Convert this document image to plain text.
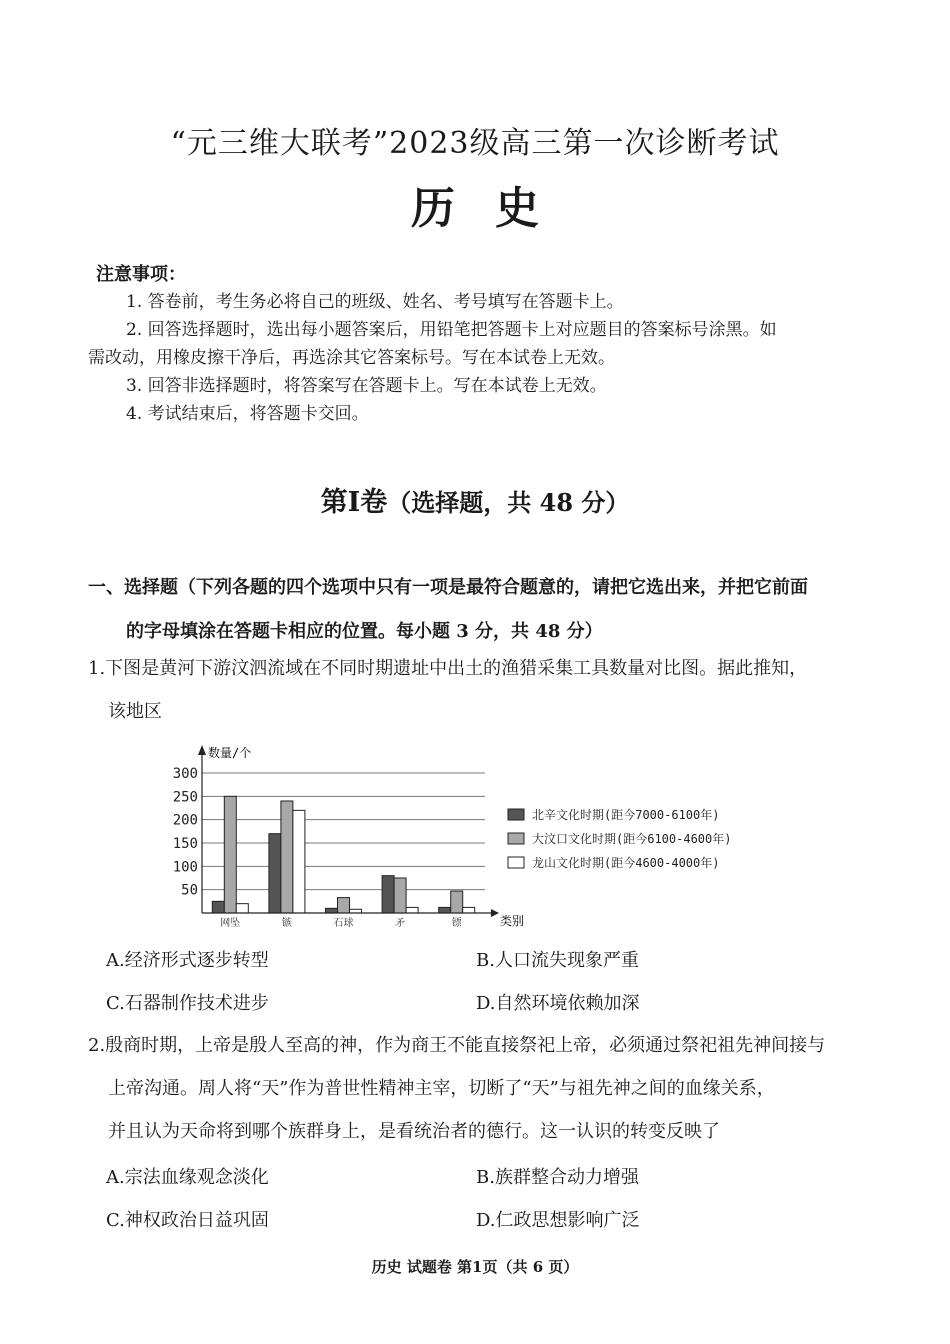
“元三维大联考”2023级高三第一次诊断考试
历史
注意事项：
1. 答卷前，考生务必将自己的班级、姓名、考号填写在答题卡上。
2. 回答选择题时，选出每小题答案后，用铅笔把答题卡上对应题目的答案标号涂黑。如
需改动，用橡皮擦干净后，再选涂其它答案标号。写在本试卷上无效。
3. 回答非选择题时，将答案写在答题卡上。写在本试卷上无效。
4. 考试结束后，将答题卡交回。
第Ⅰ卷（选择题，共 48 分）
一、选择题（下列各题的四个选项中只有一项是最符合题意的，请把它选出来，并把它前面
的字母填涂在答题卡相应的位置。每小题 3 分，共 48 分）
1.下图是黄河下游汶泗流域在不同时期遗址中出土的渔猎采集工具数量对比图。据此推知，
该地区
50
100
150
200
250
300
网坠	镞	石球	矛	镖
数量/个
类别
北辛文化时期(距今7000-6100年)
大汶口文化时期(距今6100-4600年)
龙山文化时期(距今4600-4000年)
A.经济形式逐步转型	B.人口流失现象严重
C.石器制作技术进步	D.自然环境依赖加深
2.殷商时期，上帝是殷人至高的神，作为商王不能直接祭祀上帝，必须通过祭祀祖先神间接与
上帝沟通。周人将“天”作为普世性精神主宰，切断了“天”与祖先神之间的血缘关系，
并且认为天命将到哪个族群身上，是看统治者的德行。这一认识的转变反映了
A.宗法血缘观念淡化	B.族群整合动力增强
C.神权政治日益巩固	D.仁政思想影响广泛
历史 试题卷 第1页（共 6 页）
